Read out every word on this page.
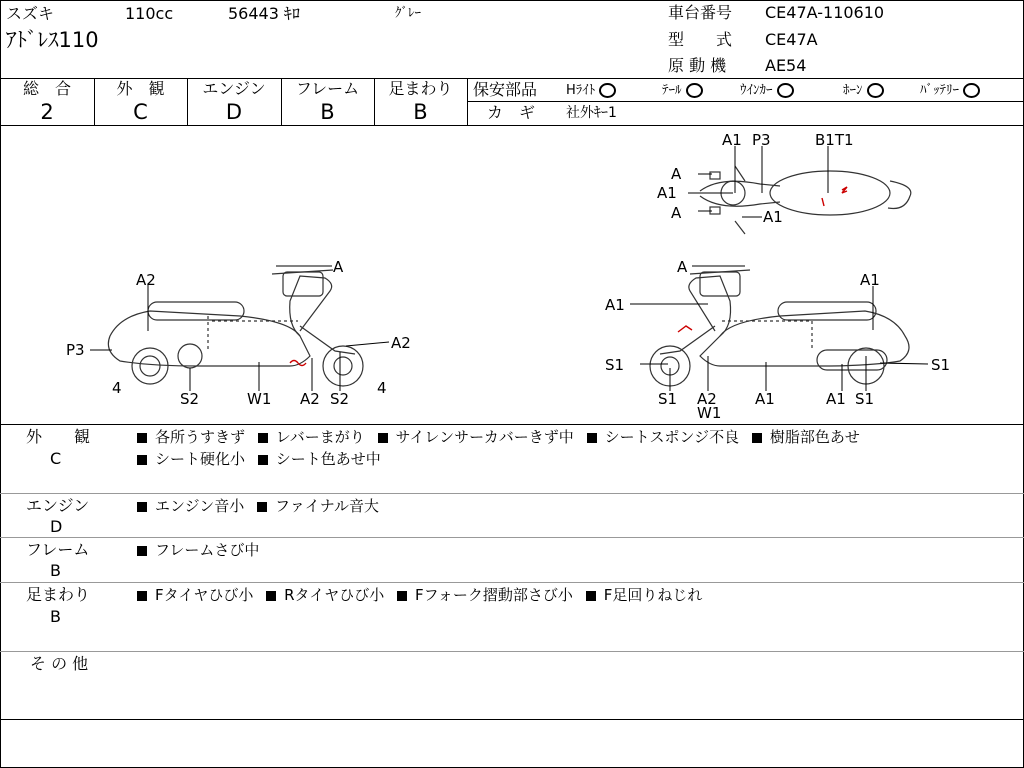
スズキ	110cc	56443 ｷﾛ	ｸﾞﾚｰ
ｱﾄﾞﾚｽ110
車台番号 CE47A-110610
型　　式 CE47A
原 動 機 AE54
総　合
2
外　観
C
エンジン
D
フレーム
B
足まわり
B
保安部品 Hﾗｲﾄ	ﾃｰﾙ	ｳｲﾝｶｰ	ﾎｰﾝ	ﾊﾞｯﾃﾘｰ
カ　ギ 社外ｷｰ1
A
A2
P3
4
S2	W1 A2 S2
A2
4
A
A1
A1
S1
S1 A2
W1
A1	A1 S1
S1
A1 P3	B1T1
A
A1
A	A1
外　　観
C
各所うすきず レバーまがり サイレンサーカバーきず中 シートスポンジ不良 樹脂部色あせ
シート硬化小 シート色あせ中
エンジン
D
エンジン音小 ファイナル音大
フレーム
B
フレームさび中
足まわり
B
Fタイヤひび小 Rタイヤひび小 Fフォーク摺動部さび小 F足回りねじれ
そ の 他
